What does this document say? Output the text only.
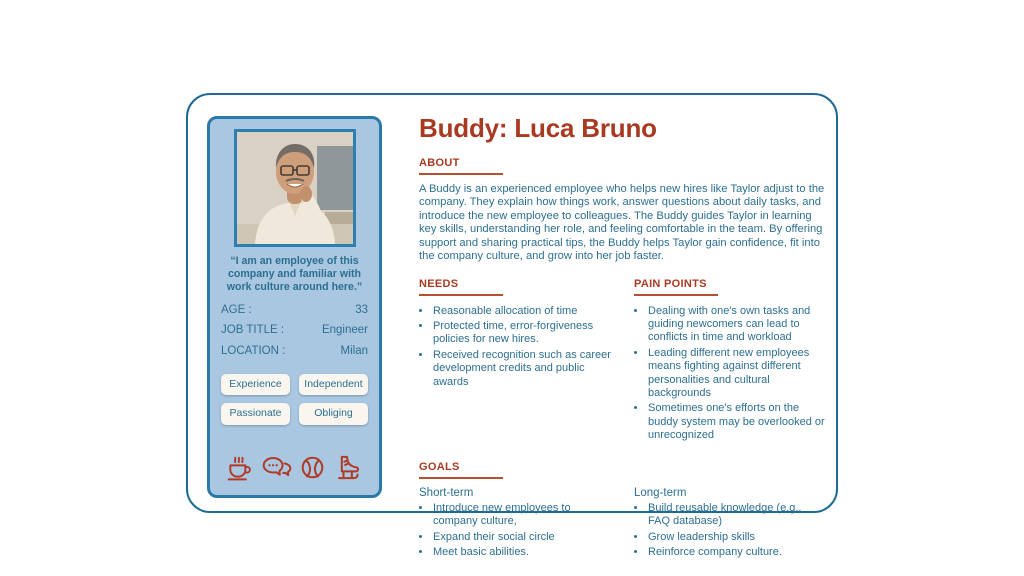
“I am an employee of this company and familiar with work culture around here.”

AGE :	33
JOB TITLE :	Engineer
LOCATION :	Milan
Experience	Independent
Passionate	Obliging
Buddy: Luca Bruno
ABOUT

A Buddy is an experienced employee who helps new hires like Taylor adjust to the company. They explain how things work, answer questions about daily tasks, and introduce the new employee to colleagues. The Buddy guides Taylor in learning key skills, understanding her role, and feeling comfortable in the team. By offering support and sharing practical tips, the Buddy helps Taylor gain confidence, fit into the company culture, and grow into her job faster.

NEEDS
• Reasonable allocation of time
• Protected time, error-forgiveness policies for new hires.
• Received recognition such as career development credits and public awards
PAIN POINTS
• Dealing with one's own tasks and guiding newcomers can lead to conflicts in time and workload
• Leading different new employees means fighting against different personalities and cultural backgrounds
• Sometimes one's efforts on the buddy system may be overlooked or unrecognized
GOALS

Short-term

• Introduce new employees to company culture,
• Expand their social circle
• Meet basic abilities.

Long-term

• Build reusable knowledge (e.g., FAQ database)
• Grow leadership skills
• Reinforce company culture.
